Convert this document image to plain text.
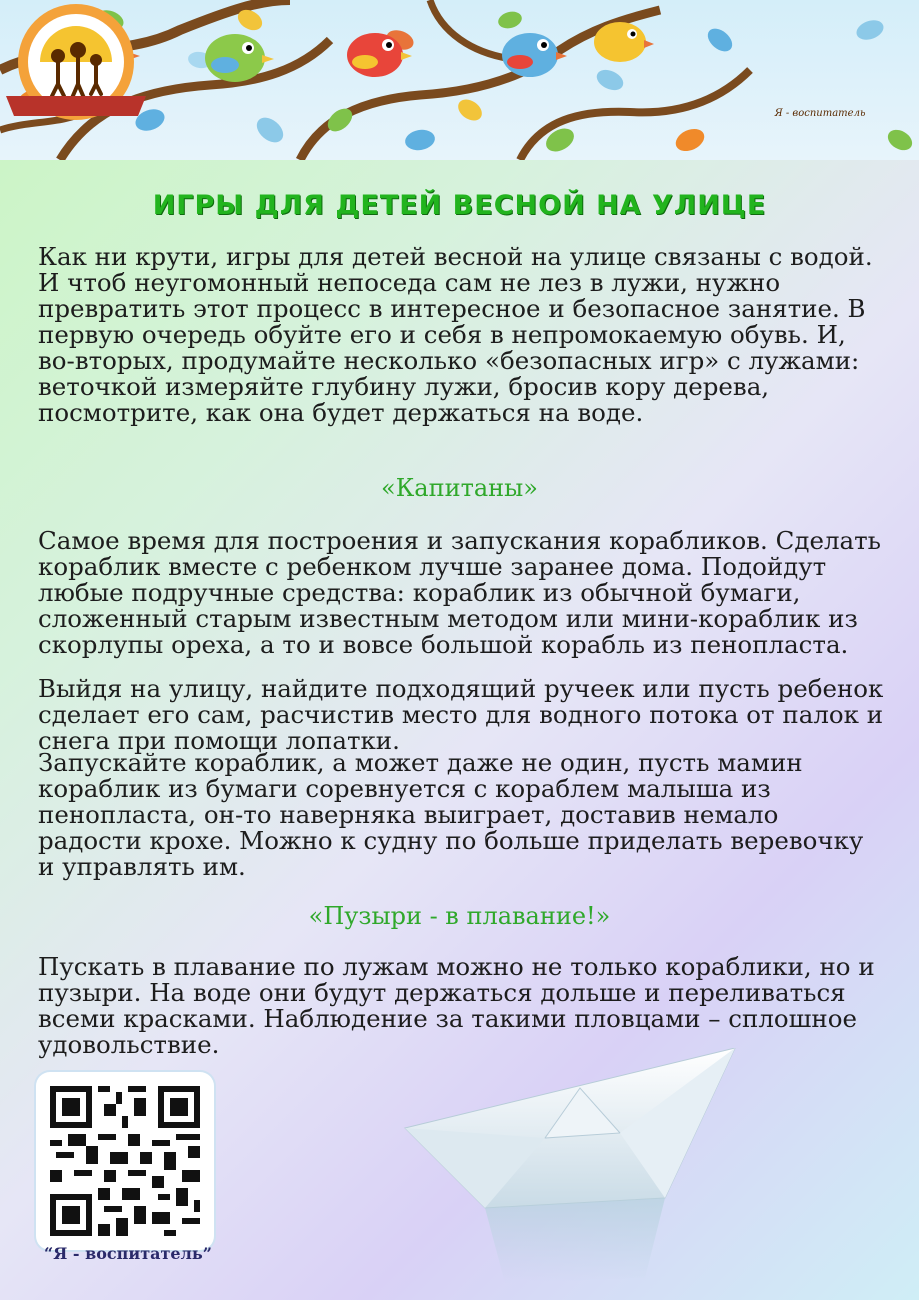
Я - воспитатель
ИГРЫ ДЛЯ ДЕТЕЙ ВЕСНОЙ НА УЛИЦЕ

Как ни крути, игры для детей весной на улице связаны с водой. И чтоб неугомонный непоседа сам не лез в лужи, нужно превратить этот процесс в интересное и безопасное занятие. В первую очередь обуйте его и себя в непромокаемую обувь. И, во-вторых, продумайте несколько «безопасных игр» с лужами: веточкой измеряйте глубину лужи, бросив кору дерева, посмотрите, как она будет держаться на воде.

«Капитаны»

Самое время для построения и запускания корабликов. Сделать кораблик вместе с ребенком лучше заранее дома. Подойдут любые подручные средства: кораблик из обычной бумаги, сложенный старым известным методом или мини-кораблик из скорлупы ореха, а то и вовсе большой корабль из пенопласта.

Выйдя на улицу, найдите подходящий ручеек или пусть ребенок сделает его сам, расчистив место для водного потока от палок и снега при помощи лопатки.

Запускайте кораблик, а может даже не один, пусть мамин кораблик из бумаги соревнуется с кораблем малыша из пенопласта, он-то наверняка выиграет, доставив немало радости крохе. Можно к судну по больше приделать веревочку и управлять им.

«Пузыри - в плавание!»

Пускать в плавание по лужам можно не только кораблики, но и пузыри. На воде они будут держаться дольше и переливаться всеми красками. Наблюдение за такими пловцами – сплошное удовольствие.

“Я - воспитатель”
